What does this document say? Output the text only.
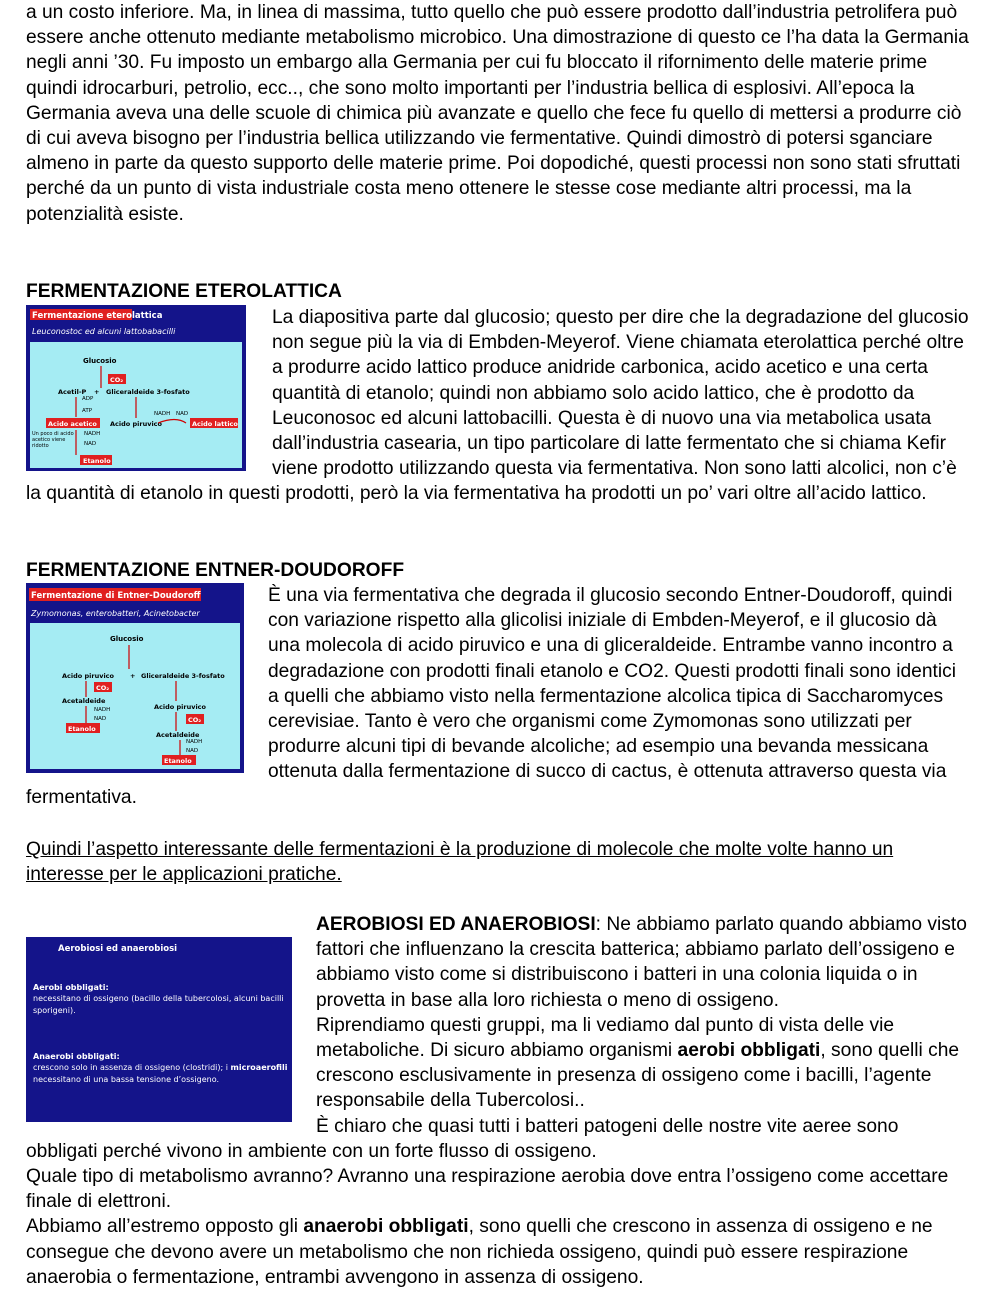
a un costo inferiore. Ma, in linea di massima, tutto quello che può essere prodotto dall’industria petrolifera può essere anche ottenuto mediante metabolismo microbico. Una dimostrazione di questo ce l’ha data la Germania negli anni ’30. Fu imposto un embargo alla Germania per cui fu bloccato il rifornimento delle materie prime quindi idrocarburi, petrolio, ecc.., che sono molto importanti per l’industria bellica di esplosivi. All’epoca la Germania aveva una delle scuole di chimica più avanzate e quello che fece fu quello di mettersi a produrre ciò di cui aveva bisogno per l’industria bellica utilizzando vie fermentative. Quindi dimostrò di potersi sganciare almeno in parte da questo supporto delle materie prime. Poi dopodiché, questi processi non sono stati sfruttati perché da un punto di vista industriale costa meno ottenere le stesse cose mediante altri processi, ma la potenzialità esiste.

FERMENTAZIONE ETEROLATTICA
Fermentazione eterolattica
Leuconostoc ed alcuni lattobabacilli
Glucosio
CO₂
Acetil-P + Gliceraldeide 3-fosfato
ADP
ATP	NADH NAD
Acido acetico Acido piruvico	Acido lattico
NADH
NAD
Un poco di acido acetico viene ridotto
Etanolo

La diapositiva parte dal glucosio; questo per dire che la degradazione del glucosio non segue più la via di Embden-Meyerof. Viene chiamata eterolattica perché oltre a produrre acido lattico produce anidride carbonica, acido acetico e una certa quantità di etanolo; quindi non abbiamo solo acido lattico, che è prodotto da Leuconosoc ed alcuni lattobacilli. Questa è di nuovo una via metabolica usata dall’industria casearia, un tipo particolare di latte fermentato che si chiama Kefir viene prodotto utilizzando questa via fermentativa. Non sono latti alcolici, non c’è la quantità di etanolo in questi prodotti, però la via fermentativa ha prodotti un po’ vari oltre all’acido lattico.

FERMENTAZIONE ENTNER-DOUDOROFF
Fermentazione di Entner-Doudoroff
Zymomonas, enterobatteri, Acinetobacter
Glucosio
Acido piruvico + Gliceraldeide 3-fosfato
CO₂
Acetaldeide
NADH
NAD
Etanolo
Acido piruvico
CO₂
Acetaldeide
NADH
NAD
Etanolo

È una via fermentativa che degrada il glucosio secondo Entner-Doudoroff, quindi con variazione rispetto alla glicolisi iniziale di Embden-Meyerof, e il glucosio dà una molecola di acido piruvico e una di gliceraldeide. Entrambe vanno incontro a degradazione con prodotti finali etanolo e CO2. Questi prodotti finali sono identici a quelli che abbiamo visto nella fermentazione alcolica tipica di Saccharomyces cerevisiae. Tanto è vero che organismi come Zymomonas sono utilizzati per produrre alcuni tipi di bevande alcoliche; ad esempio una bevanda messicana ottenuta dalla fermentazione di succo di cactus, è ottenuta attraverso questa via fermentativa.

Quindi l’aspetto interessante delle fermentazioni è la produzione di molecole che molte volte hanno un interesse per le applicazioni pratiche.

Aerobiosi ed anaerobiosi
Aerobi obbligati:
necessitano di ossigeno (bacillo della tubercolosi, alcuni bacilli sporigeni).
Anaerobi obbligati:
crescono solo in assenza di ossigeno (clostridi); i microaerofili necessitano di una bassa tensione d’ossigeno.

AEROBIOSI ED ANAEROBIOSI: Ne abbiamo parlato quando abbiamo visto fattori che influenzano la crescita batterica; abbiamo parlato dell’ossigeno e abbiamo visto come si distribuiscono i batteri in una colonia liquida o in provetta in base alla loro richiesta o meno di ossigeno.

Riprendiamo questi gruppi, ma li vediamo dal punto di vista delle vie metaboliche. Di sicuro abbiamo organismi aerobi obbligati, sono quelli che crescono esclusivamente in presenza di ossigeno come i bacilli, l’agente responsabile della Tubercolosi..

È chiaro che quasi tutti i batteri patogeni delle nostre vite aeree sono obbligati perché vivono in ambiente con un forte flusso di ossigeno.

Quale tipo di metabolismo avranno? Avranno una respirazione aerobia dove entra l’ossigeno come accettare finale di elettroni.

Abbiamo all’estremo opposto gli anaerobi obbligati, sono quelli che crescono in assenza di ossigeno e ne consegue che devono avere un metabolismo che non richieda ossigeno, quindi può essere respirazione anaerobia o fermentazione, entrambi avvengono in assenza di ossigeno.
